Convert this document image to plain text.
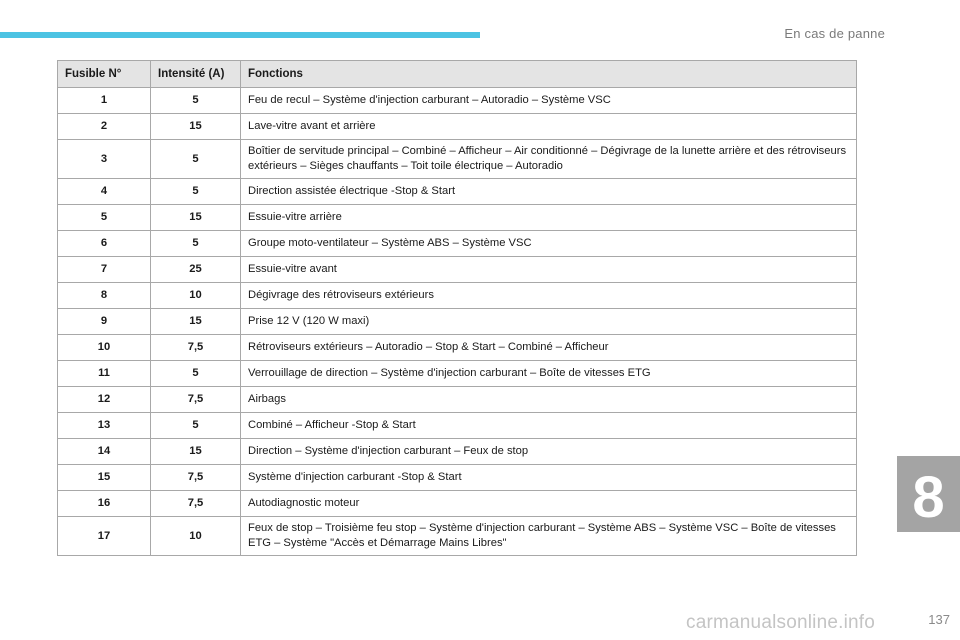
En cas de panne
Fusible N°	Intensité (A)	Fonctions
1	5	Feu de recul – Système d'injection carburant – Autoradio – Système VSC
2	15	Lave-vitre avant et arrière
3	5	Boîtier de servitude principal – Combiné – Afficheur – Air conditionné – Dégivrage de la lunette arrière et des rétroviseurs extérieurs – Sièges chauffants – Toit toile électrique – Autoradio
4	5	Direction assistée électrique -Stop & Start
5	15	Essuie-vitre arrière
6	5	Groupe moto-ventilateur – Système ABS – Système VSC
7	25	Essuie-vitre avant
8	10	Dégivrage des rétroviseurs extérieurs
9	15	Prise 12 V (120 W maxi)
10	7,5	Rétroviseurs extérieurs – Autoradio – Stop & Start – Combiné – Afficheur
11	5	Verrouillage de direction – Système d'injection carburant – Boîte de vitesses ETG
12	7,5	Airbags
13	5	Combiné – Afficheur -Stop & Start
14	15	Direction – Système d'injection carburant – Feux de stop
15	7,5	Système d'injection carburant -Stop & Start
16	7,5	Autodiagnostic moteur
17	10	Feux de stop – Troisième feu stop – Système d'injection carburant – Système ABS – Système VSC – Boîte de vitesses ETG – Système "Accès et Démarrage Mains Libres"
8
137
carmanualsonline.info
